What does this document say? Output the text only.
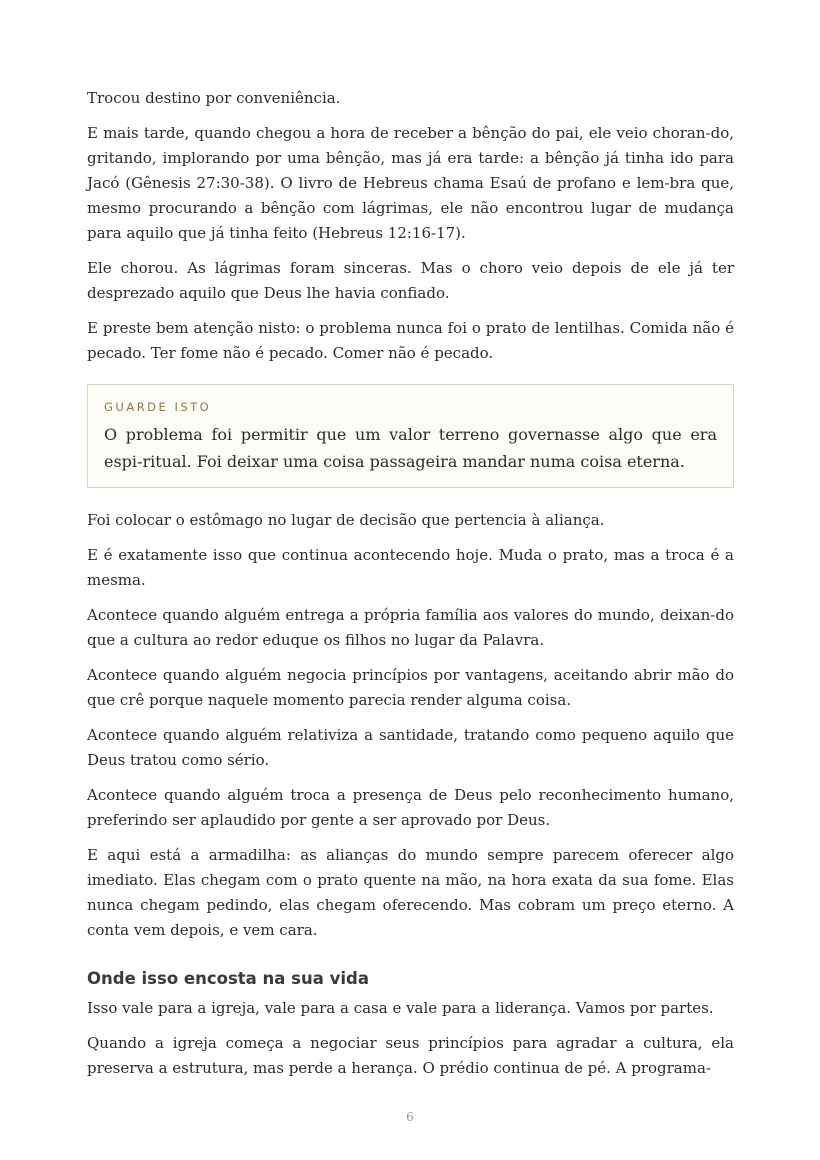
Trocou destino por conveniência.

E mais tarde, quando chegou a hora de receber a bênção do pai, ele veio choran-do, gritando, implorando por uma bênção, mas já era tarde: a bênção já tinha ido para Jacó (Gênesis 27:30-38). O livro de Hebreus chama Esaú de profano e lem-bra que, mesmo procurando a bênção com lágrimas, ele não encontrou lugar de mudança para aquilo que já tinha feito (Hebreus 12:16-17).

Ele chorou. As lágrimas foram sinceras. Mas o choro veio depois de ele já ter desprezado aquilo que Deus lhe havia confiado.

E preste bem atenção nisto: o problema nunca foi o prato de lentilhas. Comida não é pecado. Ter fome não é pecado. Comer não é pecado.

GUARDE ISTO
O problema foi permitir que um valor terreno governasse algo que era espi-ritual. Foi deixar uma coisa passageira mandar numa coisa eterna.

Foi colocar o estômago no lugar de decisão que pertencia à aliança.

E é exatamente isso que continua acontecendo hoje. Muda o prato, mas a troca é a mesma.

Acontece quando alguém entrega a própria família aos valores do mundo, deixan-do que a cultura ao redor eduque os filhos no lugar da Palavra.

Acontece quando alguém negocia princípios por vantagens, aceitando abrir mão do que crê porque naquele momento parecia render alguma coisa.

Acontece quando alguém relativiza a santidade, tratando como pequeno aquilo que Deus tratou como sério.

Acontece quando alguém troca a presença de Deus pelo reconhecimento humano, preferindo ser aplaudido por gente a ser aprovado por Deus.

E aqui está a armadilha: as alianças do mundo sempre parecem oferecer algo imediato. Elas chegam com o prato quente na mão, na hora exata da sua fome. Elas nunca chegam pedindo, elas chegam oferecendo. Mas cobram um preço eterno. A conta vem depois, e vem cara.

Onde isso encosta na sua vida

Isso vale para a igreja, vale para a casa e vale para a liderança. Vamos por partes.

Quando a igreja começa a negociar seus princípios para agradar a cultura, ela preserva a estrutura, mas perde a herança. O prédio continua de pé. A programa-

6
